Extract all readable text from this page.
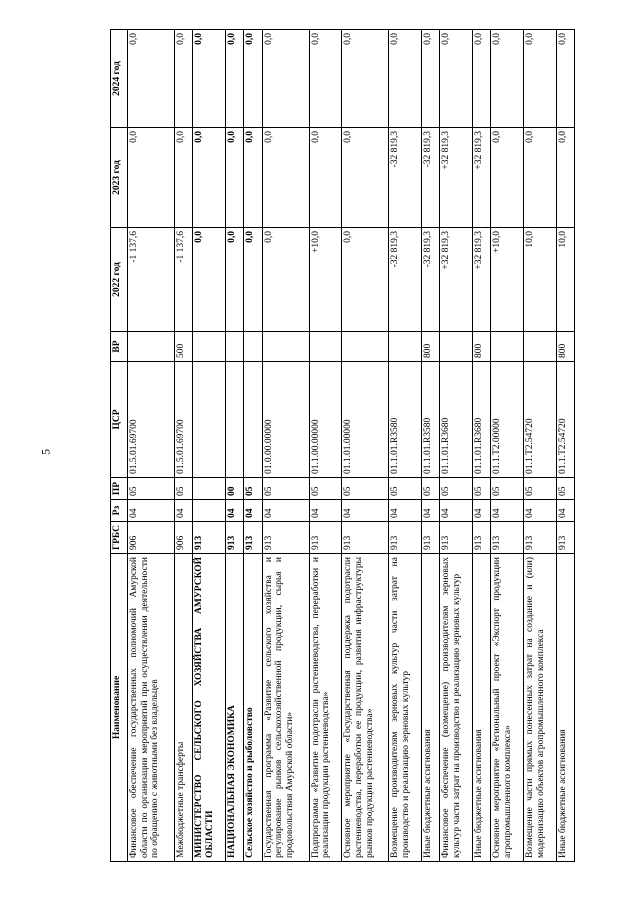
5
Наименование	ГРБС	Рз	ПР	ЦСР	ВР	2022 год	2023 год	2024 год
Финансовое обеспечение государственных полномочий Амурской области по организации мероприятий при осуществлении деятельности по обращению с животными без владельцев	906	04	05	01.5.01.69700		-1 137,6	0,0	0,0
Межбюджетные трансферты	906	04	05	01.5.01.69700	500	-1 137,6	0,0	0,0
МИНИСТЕРСТВО СЕЛЬСКОГО ХОЗЯЙСТВА АМУРСКОЙ ОБЛАСТИ	913					0,0	0,0	0,0
НАЦИОНАЛЬНАЯ ЭКОНОМИКА	913	04	00			0,0	0,0	0,0
Сельское хозяйство и рыболовство	913	04	05			0,0	0,0	0,0
Государственная программа «Развитие сельского хозяйства и регулирование рынков сельскохозяйственной продукции, сырья и продовольствия Амурской области»	913	04	05	01.0.00.00000		0,0	0,0	0,0
Подпрограмма «Развитие подотрасли растениеводства, переработки и реализации продукции растениеводства»	913	04	05	01.1.00.00000		+10,0	0,0	0,0
Основное мероприятие «Государственная поддержка подотрасли растениеводства, переработки ее продукции, развития инфраструктуры рынков продукции растениеводства»	913	04	05	01.1.01.00000		0,0	0,0	0,0
Возмещение производителям зерновых культур части затрат на производство и реализацию зерновых культур	913	04	05	01.1.01.R3580		-32 819,3	-32 819,3	0,0
Иные бюджетные ассигнования	913	04	05	01.1.01.R3580	800	-32 819,3	-32 819,3	0,0
Финансовое обеспечение (возмещение) производителям зерновых культур части затрат на производство и реализацию зерновых культур	913	04	05	01.1.01.R3680		+32 819,3	+32 819,3	0,0
Иные бюджетные ассигнования	913	04	05	01.1.01.R3680	800	+32 819,3	+32 819,3	0,0
Основное мероприятие «Региональный проект «Экспорт продукции агропромышленного комплекса»	913	04	05	01.1.T2.00000		+10,0	0,0	0,0
Возмещение части прямых понесенных затрат на создание и (или) модернизацию объектов агропромышленного комплекса	913	04	05	01.1.T2.54720		10,0	0,0	0,0
Иные бюджетные ассигнования	913	04	05	01.1.T2.54720	800	10,0	0,0	0,0
